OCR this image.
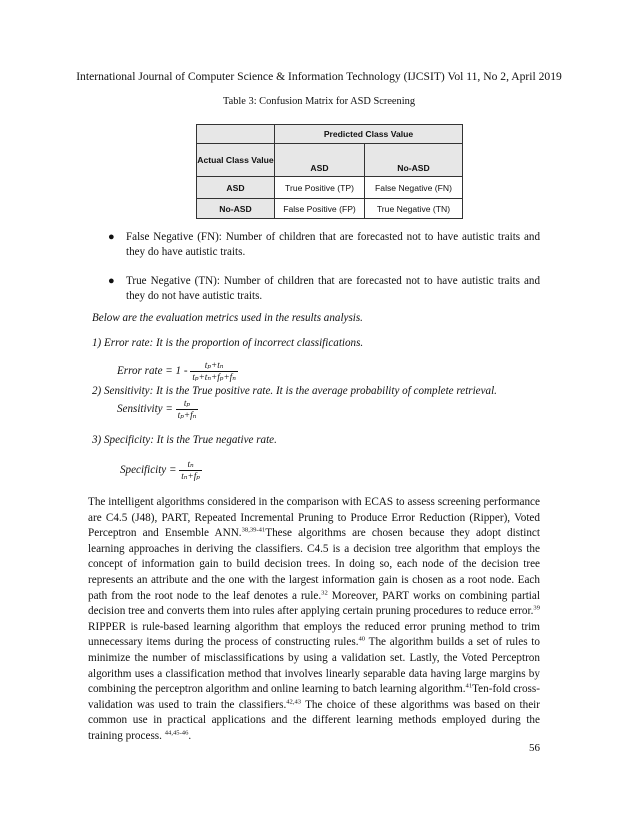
International Journal of Computer Science & Information Technology (IJCSIT) Vol 11, No 2, April 2019
Table 3: Confusion Matrix for ASD Screening
	Predicted Class Value	
Actual Class Value	ASD	No-ASD
ASD	True Positive (TP)	False Negative (FN)
No-ASD	False Positive (FP)	True Negative (TN)
● False Negative (FN): Number of children that are forecasted not to have autistic traits and they do have autistic traits.
● True Negative (TN): Number of children that are forecasted not to have autistic traits and they do not have autistic traits.
Below are the evaluation metrics used in the results analysis.
1) Error rate: It is the proportion of incorrect classifications.
Error rate = $1 - \frac{\text{tₚ+tₙ}}{\text{tₚ+tₙ+fₚ+fₙ}}$
2) Sensitivity: It is the True positive rate. It is the average probability of complete retrieval.
Sensitivity = $\frac{\text{tₚ}}{\text{tₚ+fₙ}}$
3) Specificity: It is the True negative rate.
Specificity = $\frac{\text{tₙ}}{\text{tₙ+fₚ}}$

The intelligent algorithms considered in the comparison with ECAS to assess screening performance are C4.5 (J48), PART, Repeated Incremental Pruning to Produce Error Reduction (Ripper), Voted Perceptron and Ensemble ANN.$^{38,39-41}$These algorithms are chosen because they adopt distinct learning approaches in deriving the classifiers. C4.5 is a decision tree algorithm that employs the concept of information gain to build decision trees. In doing so, each node of the decision tree represents an attribute and the one with the largest information gain is chosen as a root node. Each path from the root node to the leaf denotes a rule.$^{32}$ Moreover, PART works on combining partial decision tree and converts them into rules after applying certain pruning procedures to reduce error.$^{39}$ RIPPER is rule-based learning algorithm that employs the reduced error pruning method to trim unnecessary items during the process of constructing rules.$^{40}$ The algorithm builds a set of rules to minimize the number of misclassifications by using a validation set. Lastly, the Voted Perceptron algorithm uses a classification method that involves linearly separable data having large margins by combining the perceptron algorithm and online learning to batch learning algorithm.$^{41}$Ten-fold cross-validation was used to train the classifiers.$^{42,43}$ The choice of these algorithms was based on their common use in practical applications and the different learning methods employed during the training process. $^{44,45-46}$.

56
